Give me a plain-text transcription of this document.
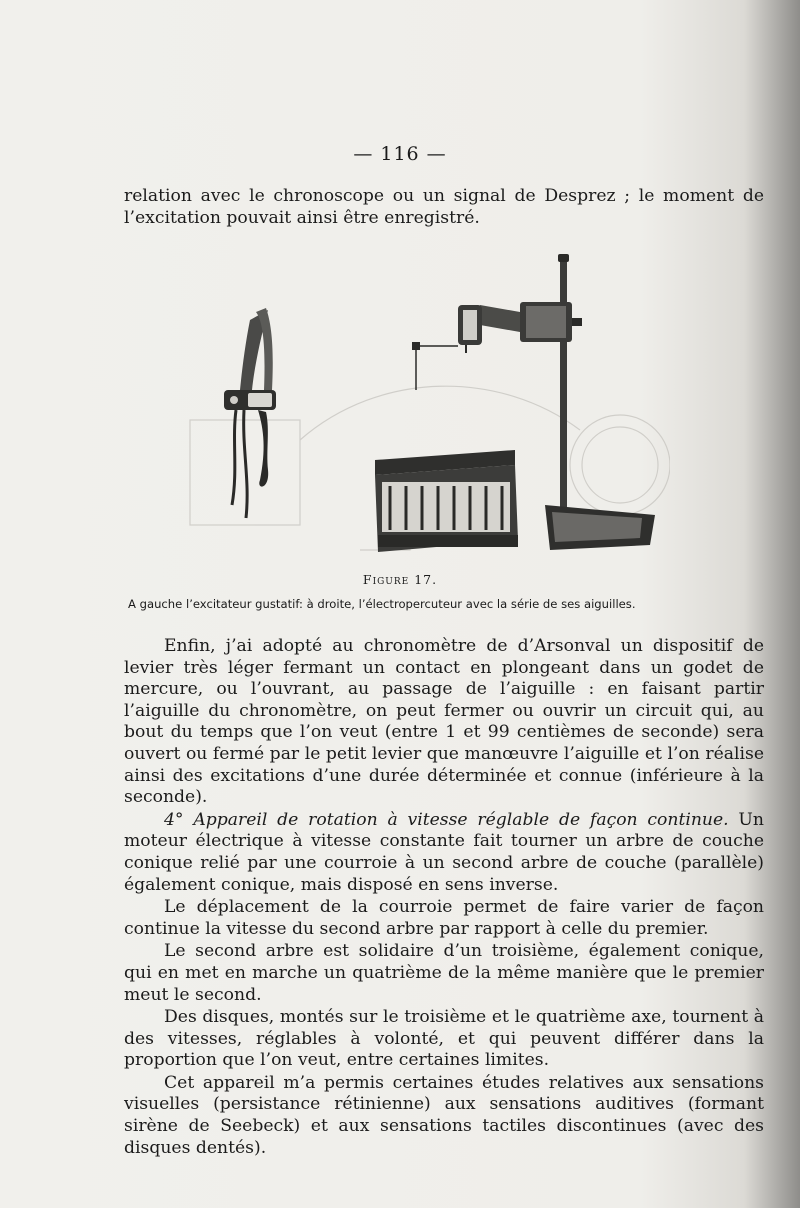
— 116 —

relation avec le chronoscope ou un signal de Desprez ; le moment de l’excitation pouvait ainsi être enregistré.

Figure 17.
A gauche l’excitateur gustatif: à droite, l’électropercuteur avec la série de ses aiguilles.

Enfin, j’ai adopté au chronomètre de d’Arsonval un dispositif de levier très léger fermant un contact en plongeant dans un godet de mercure, ou l’ouvrant, au passage de l’aiguille : en faisant partir l’aiguille du chronomètre, on peut fermer ou ouvrir un circuit qui, au bout du temps que l’on veut (entre 1 et 99 centièmes de seconde) sera ouvert ou fermé par le petit levier que manœuvre l’aiguille et l’on réalise ainsi des excitations d’une durée déterminée et connue (inférieure à la seconde).

4° Appareil de rotation à vitesse réglable de façon continue. Un moteur électrique à vitesse constante fait tourner un arbre de couche conique relié par une courroie à un second arbre de couche (parallèle) également conique, mais disposé en sens inverse.

Le déplacement de la courroie permet de faire varier de façon continue la vitesse du second arbre par rapport à celle du premier.

Le second arbre est solidaire d’un troisième, également conique, qui en met en marche un quatrième de la même manière que le premier meut le second.

Des disques, montés sur le troisième et le quatrième axe, tournent à des vitesses, réglables à volonté, et qui peuvent différer dans la proportion que l’on veut, entre certaines limites.

Cet appareil m’a permis certaines études relatives aux sensations visuelles (persistance rétinienne) aux sensations auditives (formant sirène de Seebeck) et aux sensations tactiles discontinues (avec des disques dentés).
